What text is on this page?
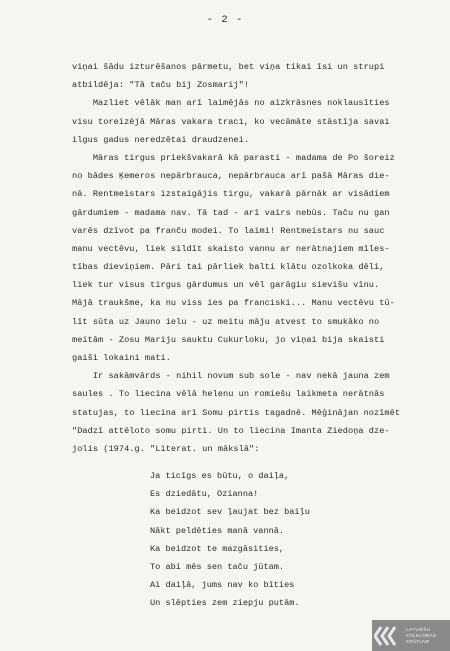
- 2 -
viņai šādu izturēšanos pārmetu, bet viņa tikai īsi un strupi
atbildēja: "Tā taču bij Zosmarij"!
Mazliet vēlāk man arī laimējās no aizkrāsnes noklausīties
visu toreizējā Māras vakara traci, ko vecāmāte stāstīja savai
ilgus gadus neredzētai draudzenei.
Māras tirgus priekšvakarā kā parasti - madama de Po šoreiz
no bādes Ķemeros nepārbrauca, nepārbrauca arī pašā Māras die-
nā. Rentmeistars izstaigājis tirgu, vakarā pārnāk ar visādiem
gārdumiem - madama nav. Tā tad - arī vairs nebūs. Taču nu gan
varēs dzīvot pa franču modei. To laimi! Rentmeistars nu sauc
manu vectēvu, liek sildīt skaisto vannu ar nerātnajiem mīles-
tības dieviņiem. Pāri tai pārliek balti klātu ozolkoka dēli,
liek tur visus tirgus gārdumus un vēl garāgiu sievišu vīnu.
Mājā traukšme, ka nu viss ies pa franciski... Manu vectēvu tū-
līt sūta uz Jauno ielu - uz meitu māju atvest to smukāko no
meitām - Zosu Mariju sauktu Cukurloku, jo viņai bija skaisti
gaiši lokaini mati.
Ir sakāmvārds - nihil novum sub sole - nav nekā jauna zem
saules . To liecina vēlā helenu un romiešu laikmeta nerātnās
statujas, to liecina arī Somu pirtis tagadnē. Mēģinājan nozīmēt
"Dadzī attēloto somu pirti. Un to liecina Imanta Ziedoņa dze-
jolis (1974.g. "Literat. un mākslā":
Ja ticīgs es būtu, o daiļa,
Es dziedātu, Ozianna!
Ka beidzot sev ļaujat bez baiļu
Nākt peldēties manā vannā.
Ka beidzot te mazgāsities,
To abi mēs sen taču jūtam.
Ai daiļā, jums nav ko bīties
Un slēpties zem ziepju putām.
LATVIEŠU
FOLKLORAS
KRĀTUVE
